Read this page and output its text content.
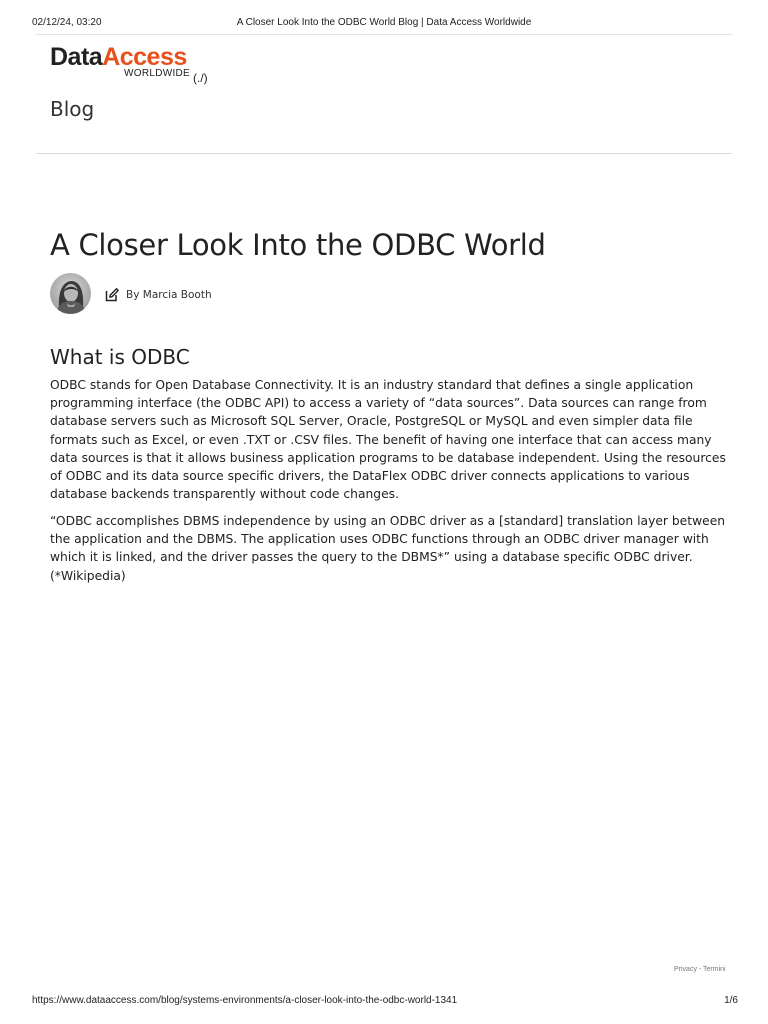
02/12/24, 03:20	A Closer Look Into the ODBC World Blog | Data Access Worldwide
DataAccess
WORLDWIDE (./)
Blog
A Closer Look Into the ODBC World
By Marcia Booth
What is ODBC

ODBC stands for Open Database Connectivity. It is an industry standard that defines a single application programming interface (the ODBC API) to access a variety of “data sources”. Data sources can range from database servers such as Microsoft SQL Server, Oracle, PostgreSQL or MySQL and even simpler data file formats such as Excel, or even .TXT or .CSV files. The benefit of having one interface that can access many data sources is that it allows business application programs to be database independent. Using the resources of ODBC and its data source specific drivers, the DataFlex ODBC driver connects applications to various database backends transparently without code changes.

“ODBC accomplishes DBMS independence by using an ODBC driver as a [standard] translation layer between the application and the DBMS. The application uses ODBC functions through an ODBC driver manager with which it is linked, and the driver passes the query to the DBMS*” using a database specific ODBC driver. (*Wikipedia)

Privacy - Termini
https://www.dataaccess.com/blog/systems-environments/a-closer-look-into-the-odbc-world-1341	1/6
